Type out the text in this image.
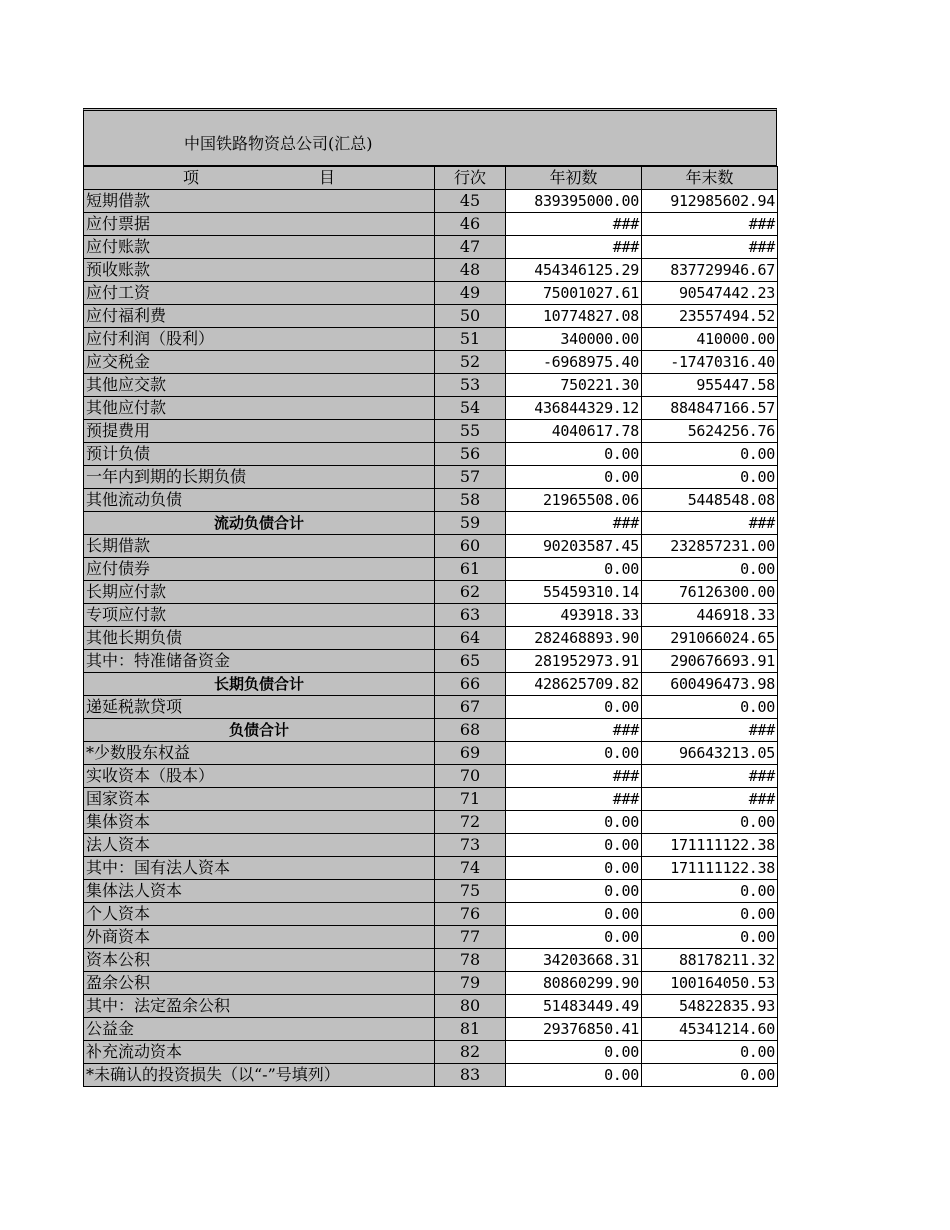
中国铁路物资总公司(汇总)
项 目	行次	年初数	年末数
短期借款	45	839395000.00	912985602.94
应付票据	46	###	###
应付账款	47	###	###
预收账款	48	454346125.29	837729946.67
应付工资	49	75001027.61	90547442.23
应付福利费	50	10774827.08	23557494.52
应付利润（股利）	51	340000.00	410000.00
应交税金	52	-6968975.40	-17470316.40
其他应交款	53	750221.30	955447.58
其他应付款	54	436844329.12	884847166.57
预提费用	55	4040617.78	5624256.76
预计负债	56	0.00	0.00
一年内到期的长期负债	57	0.00	0.00
其他流动负债	58	21965508.06	5448548.08
流动负债合计	59	###	###
长期借款	60	90203587.45	232857231.00
应付债券	61	0.00	0.00
长期应付款	62	55459310.14	76126300.00
专项应付款	63	493918.33	446918.33
其他长期负债	64	282468893.90	291066024.65
其中：特准储备资金	65	281952973.91	290676693.91
长期负债合计	66	428625709.82	600496473.98
递延税款贷项	67	0.00	0.00
负债合计	68	###	###
*少数股东权益	69	0.00	96643213.05
实收资本（股本）	70	###	###
国家资本	71	###	###
集体资本	72	0.00	0.00
法人资本	73	0.00	171111122.38
其中：国有法人资本	74	0.00	171111122.38
集体法人资本	75	0.00	0.00
个人资本	76	0.00	0.00
外商资本	77	0.00	0.00
资本公积	78	34203668.31	88178211.32
盈余公积	79	80860299.90	100164050.53
其中：法定盈余公积	80	51483449.49	54822835.93
公益金	81	29376850.41	45341214.60
补充流动资本	82	0.00	0.00
*未确认的投资损失（以“-”号填列）	83	0.00	0.00
